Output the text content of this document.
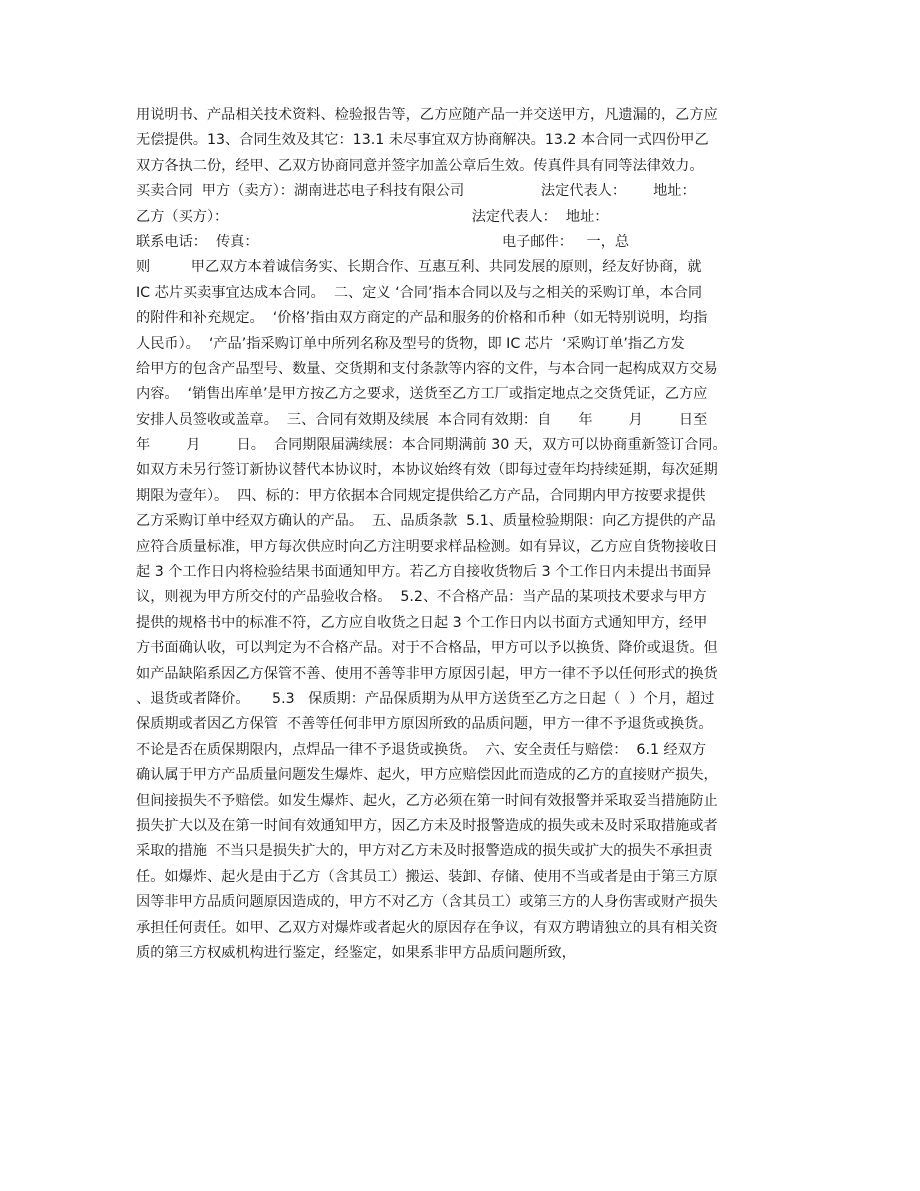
用说明书、产品相关技术资料、检验报告等，乙方应随产品一并交送甲方，凡遗漏的，乙方应
无偿提供。13、合同生效及其它：13.1 未尽事宜双方协商解决。13.2 本合同一式四份甲乙
双方各执二份，经甲、乙双方协商同意并签字加盖公章后生效。传真件具有同等法律效力。
买卖合同  甲方（卖方）：湖南进芯电子科技有限公司                 法定代表人：      地址：
乙方（买方）：                                                      法定代表人：  地址：
联系电话：  传真：                                                      电子邮件：   一，总
则         甲乙双方本着诚信务实、长期合作、互惠互利、共同发展的原则，经友好协商，就
IC 芯片买卖事宜达成本合同。  二、定义 ‘合同’指本合同以及与之相关的采购订单，本合同
的附件和补充规定。  ‘价格’指由双方商定的产品和服务的价格和币种（如无特别说明，均指
人民币）。  ‘产品’指采购订单中所列名称及型号的货物，即 IC 芯片  ‘采购订单’指乙方发
给甲方的包含产品型号、数量、交货期和支付条款等内容的文件，与本合同一起构成双方交易
内容。  ‘销售出库单’是甲方按乙方之要求，送货至乙方工厂或指定地点之交货凭证，乙方应
安排人员签收或盖章。  三、合同有效期及续展  本合同有效期：自      年        月        日至
年        月        日。  合同期限届满续展：本合同期满前 30 天，双方可以协商重新签订合同。
如双方未另行签订新协议替代本协议时，本协议始终有效（即每过壹年均持续延期，每次延期
期限为壹年）。  四、标的：甲方依据本合同规定提供给乙方产品，合同期内甲方按要求提供
乙方采购订单中经双方确认的产品。  五、品质条款  5.1、质量检验期限：向乙方提供的产品
应符合质量标准，甲方每次供应时向乙方注明要求样品检测。如有异议，乙方应自货物接收日
起 3 个工作日内将检验结果书面通知甲方。若乙方自接收货物后 3 个工作日内未提出书面异
议，则视为甲方所交付的产品验收合格。  5.2、不合格产品：当产品的某项技术要求与甲方
提供的规格书中的标准不符，乙方应自收货之日起 3 个工作日内以书面方式通知甲方，经甲
方书面确认收，可以判定为不合格产品。对于不合格品，甲方可以予以换货、降价或退货。但
如产品缺陷系因乙方保管不善、使用不善等非甲方原因引起，甲方一律不予以任何形式的换货
、退货或者降价。     5.3   保质期：产品保质期为从甲方送货至乙方之日起（  ）个月，超过
保质期或者因乙方保管  不善等任何非甲方原因所致的品质问题，甲方一律不予退货或换货。
不论是否在质保期限内，点焊品一律不予退货或换货。  六、安全责任与赔偿：  6.1 经双方
确认属于甲方产品质量问题发生爆炸、起火，甲方应赔偿因此而造成的乙方的直接财产损失，
但间接损失不予赔偿。如发生爆炸、起火，乙方必须在第一时间有效报警并采取妥当措施防止
损失扩大以及在第一时间有效通知甲方，因乙方未及时报警造成的损失或未及时采取措施或者
采取的措施  不当只是损失扩大的，甲方对乙方未及时报警造成的损失或扩大的损失不承担责
任。如爆炸、起火是由于乙方（含其员工）搬运、装卸、存储、使用不当或者是由于第三方原
因等非甲方品质问题原因造成的，甲方不对乙方（含其员工）或第三方的人身伤害或财产损失
承担任何责任。如甲、乙双方对爆炸或者起火的原因存在争议，有双方聘请独立的具有相关资
质的第三方权威机构进行鉴定，经鉴定，如果系非甲方品质问题所致，
